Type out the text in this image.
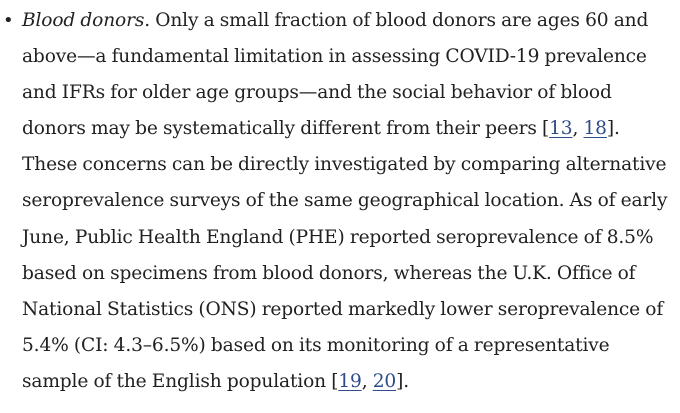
• Blood donors. Only a small fraction of blood donors are ages 60 and above—a fundamental limitation in assessing COVID-19 prevalence and IFRs for older age groups—and the social behavior of blood donors may be systematically different from their peers [13, 18]. These concerns can be directly investigated by comparing alternative seroprevalence surveys of the same geographical location. As of early June, Public Health England (PHE) reported seroprevalence of 8.5% based on specimens from blood donors, whereas the U.K. Office of National Statistics (ONS) reported markedly lower seroprevalence of 5.4% (CI: 4.3–6.5%) based on its monitoring of a representative sample of the English population [19, 20].
